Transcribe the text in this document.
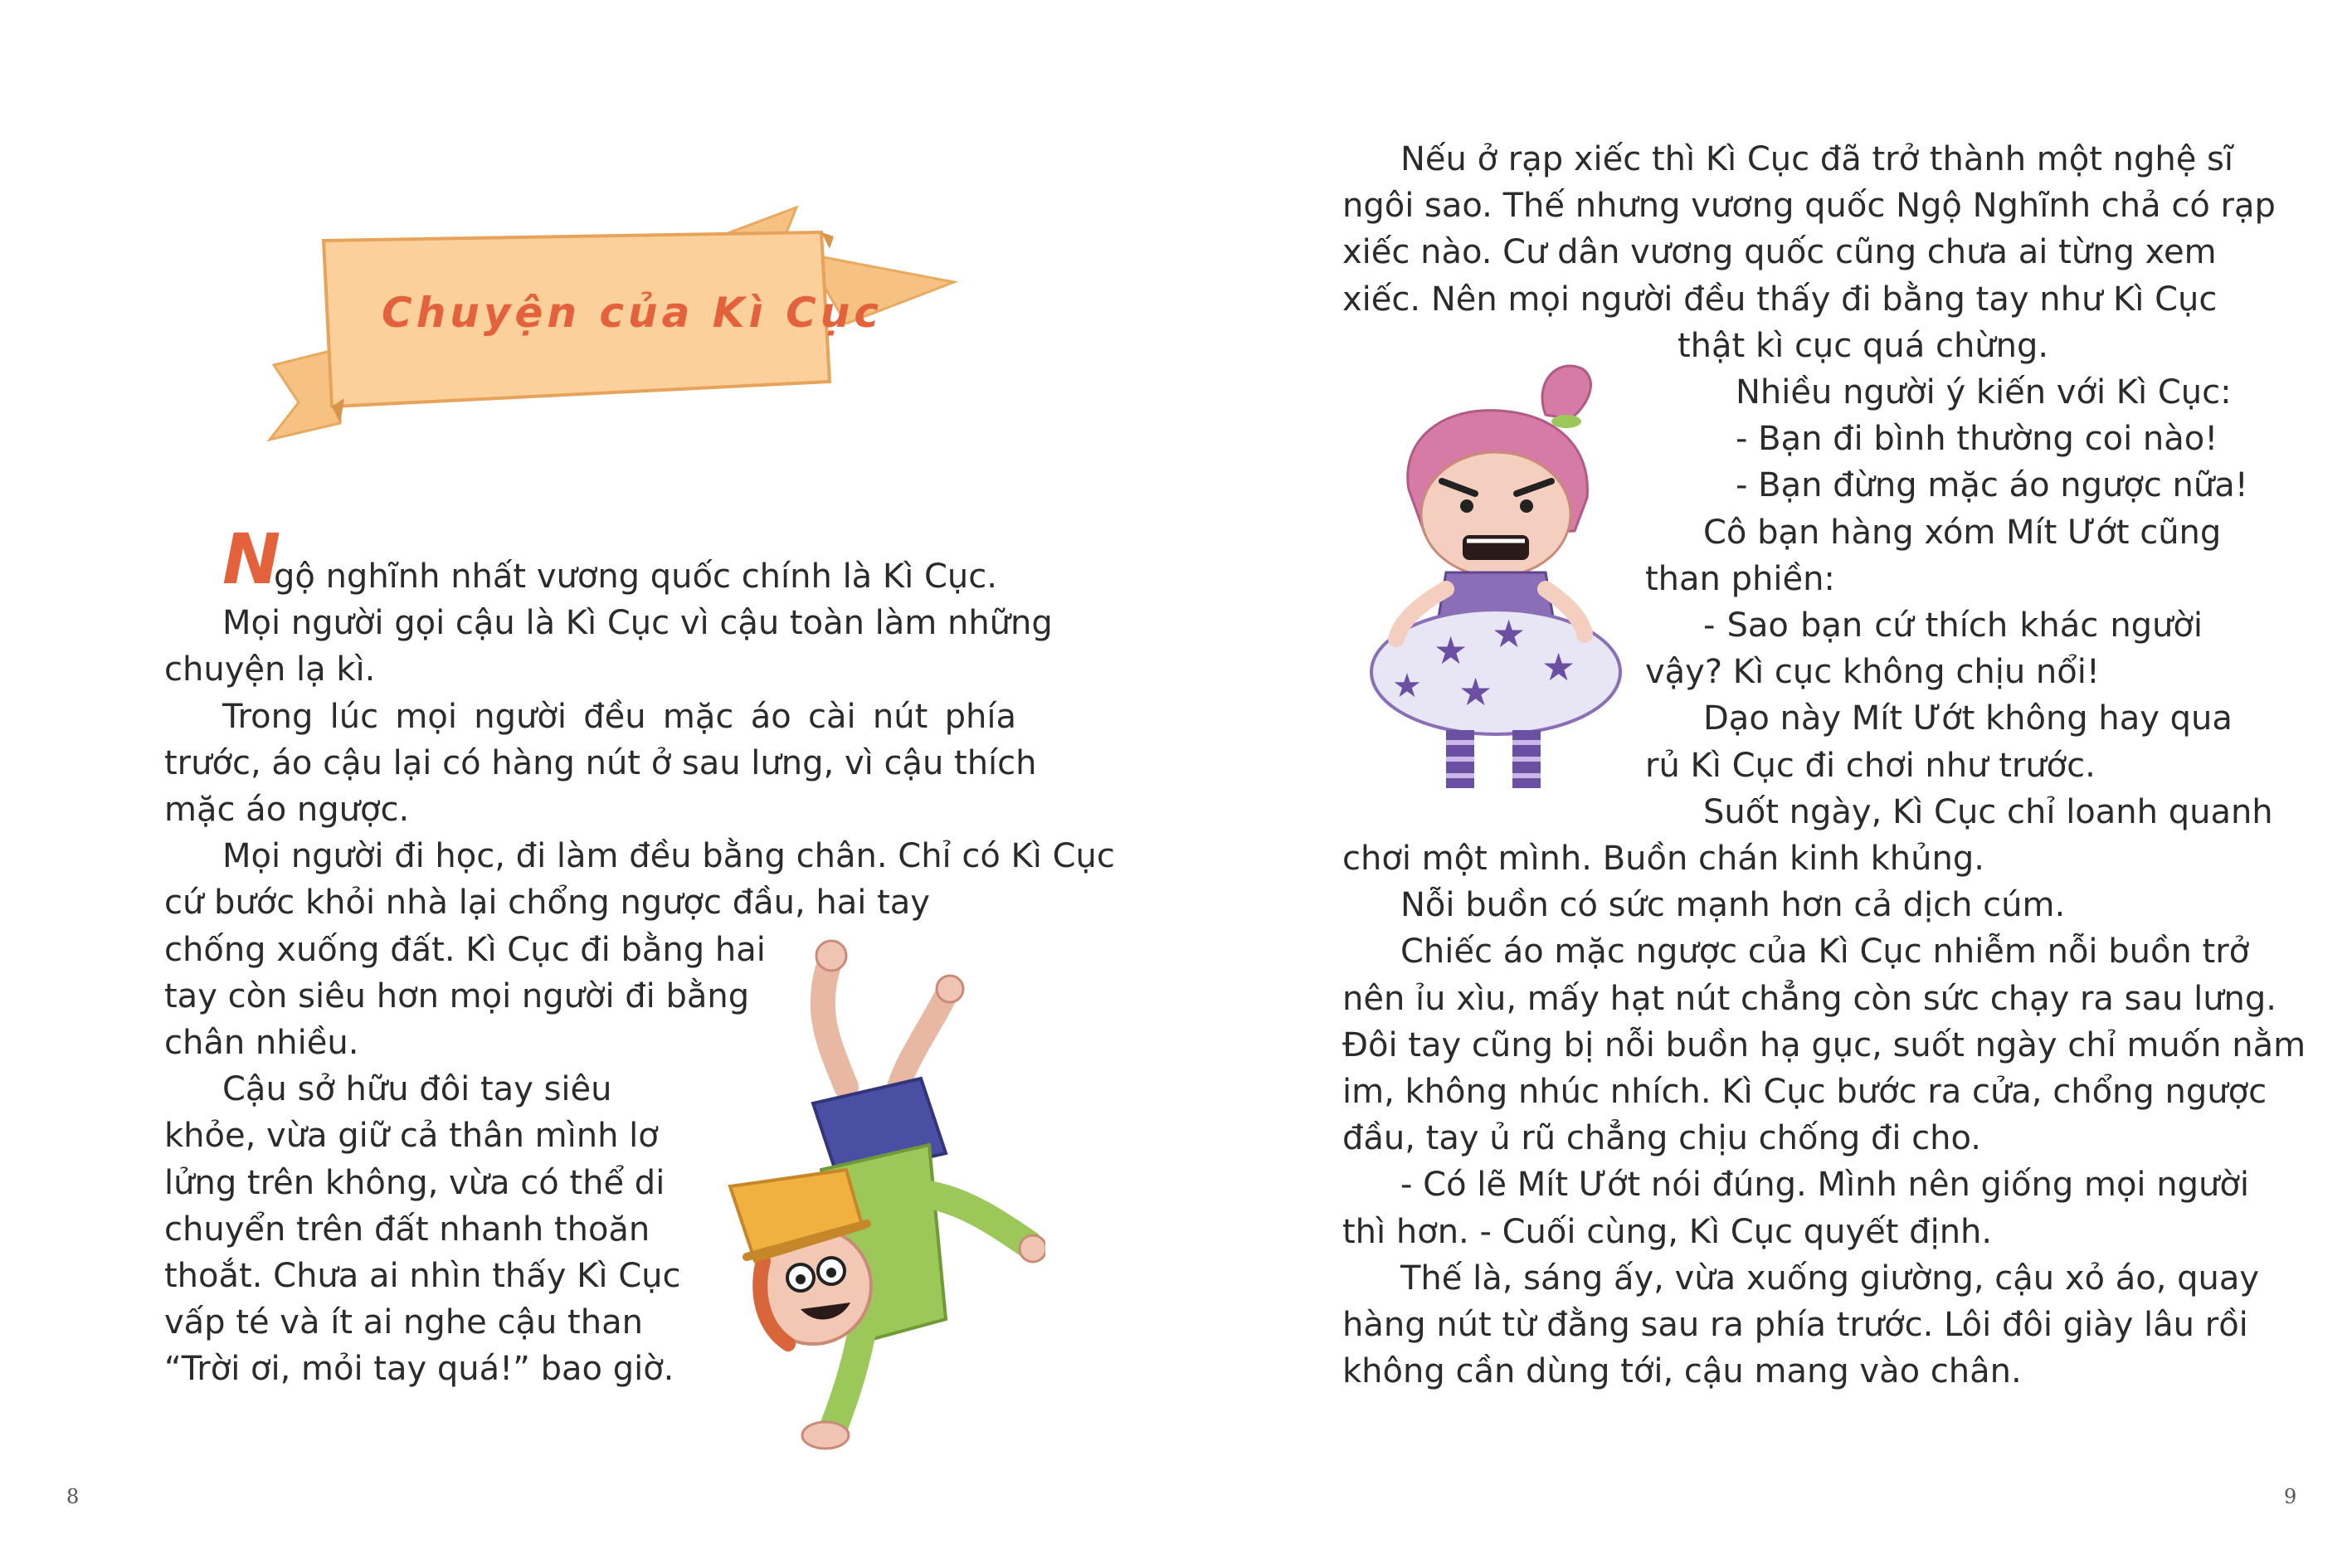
Chuyện của Kì Cục
N
gộ nghĩnh nhất vương quốc chính là Kì Cục.
Mọi người gọi cậu là Kì Cục vì cậu toàn làm những
chuyện lạ kì.
Trong lúc mọi người đều mặc áo cài nút phía
trước, áo cậu lại có hàng nút ở sau lưng, vì cậu thích
mặc áo ngược.
Mọi người đi học, đi làm đều bằng chân. Chỉ có Kì Cục
cứ bước khỏi nhà lại chổng ngược đầu, hai tay
chống xuống đất. Kì Cục đi bằng hai
tay còn siêu hơn mọi người đi bằng
chân nhiều.
Cậu sở hữu đôi tay siêu
khỏe, vừa giữ cả thân mình lơ
lửng trên không, vừa có thể di
chuyển trên đất nhanh thoăn
thoắt. Chưa ai nhìn thấy Kì Cục
vấp té và ít ai nghe cậu than
“Trời ơi, mỏi tay quá!” bao giờ.
8
Nếu ở rạp xiếc thì Kì Cục đã trở thành một nghệ sĩ
ngôi sao. Thế nhưng vương quốc Ngộ Nghĩnh chả có rạp
xiếc nào. Cư dân vương quốc cũng chưa ai từng xem
xiếc. Nên mọi người đều thấy đi bằng tay như Kì Cục
thật kì cục quá chừng.
Nhiều người ý kiến với Kì Cục:
- Bạn đi bình thường coi nào!
- Bạn đừng mặc áo ngược nữa!
Cô bạn hàng xóm Mít Ướt cũng
than phiền:
- Sao bạn cứ thích khác người
vậy? Kì cục không chịu nổi!
Dạo này Mít Ướt không hay qua
rủ Kì Cục đi chơi như trước.
Suốt ngày, Kì Cục chỉ loanh quanh
chơi một mình. Buồn chán kinh khủng.
Nỗi buồn có sức mạnh hơn cả dịch cúm.
Chiếc áo mặc ngược của Kì Cục nhiễm nỗi buồn trở
nên ỉu xìu, mấy hạt nút chẳng còn sức chạy ra sau lưng.
Đôi tay cũng bị nỗi buồn hạ gục, suốt ngày chỉ muốn nằm
im, không nhúc nhích. Kì Cục bước ra cửa, chổng ngược
đầu, tay ủ rũ chẳng chịu chống đi cho.
- Có lẽ Mít Ướt nói đúng. Mình nên giống mọi người
thì hơn. - Cuối cùng, Kì Cục quyết định.
Thế là, sáng ấy, vừa xuống giường, cậu xỏ áo, quay
hàng nút từ đằng sau ra phía trước. Lôi đôi giày lâu rồi
không cần dùng tới, cậu mang vào chân.
★ ★
★
★
★
9
